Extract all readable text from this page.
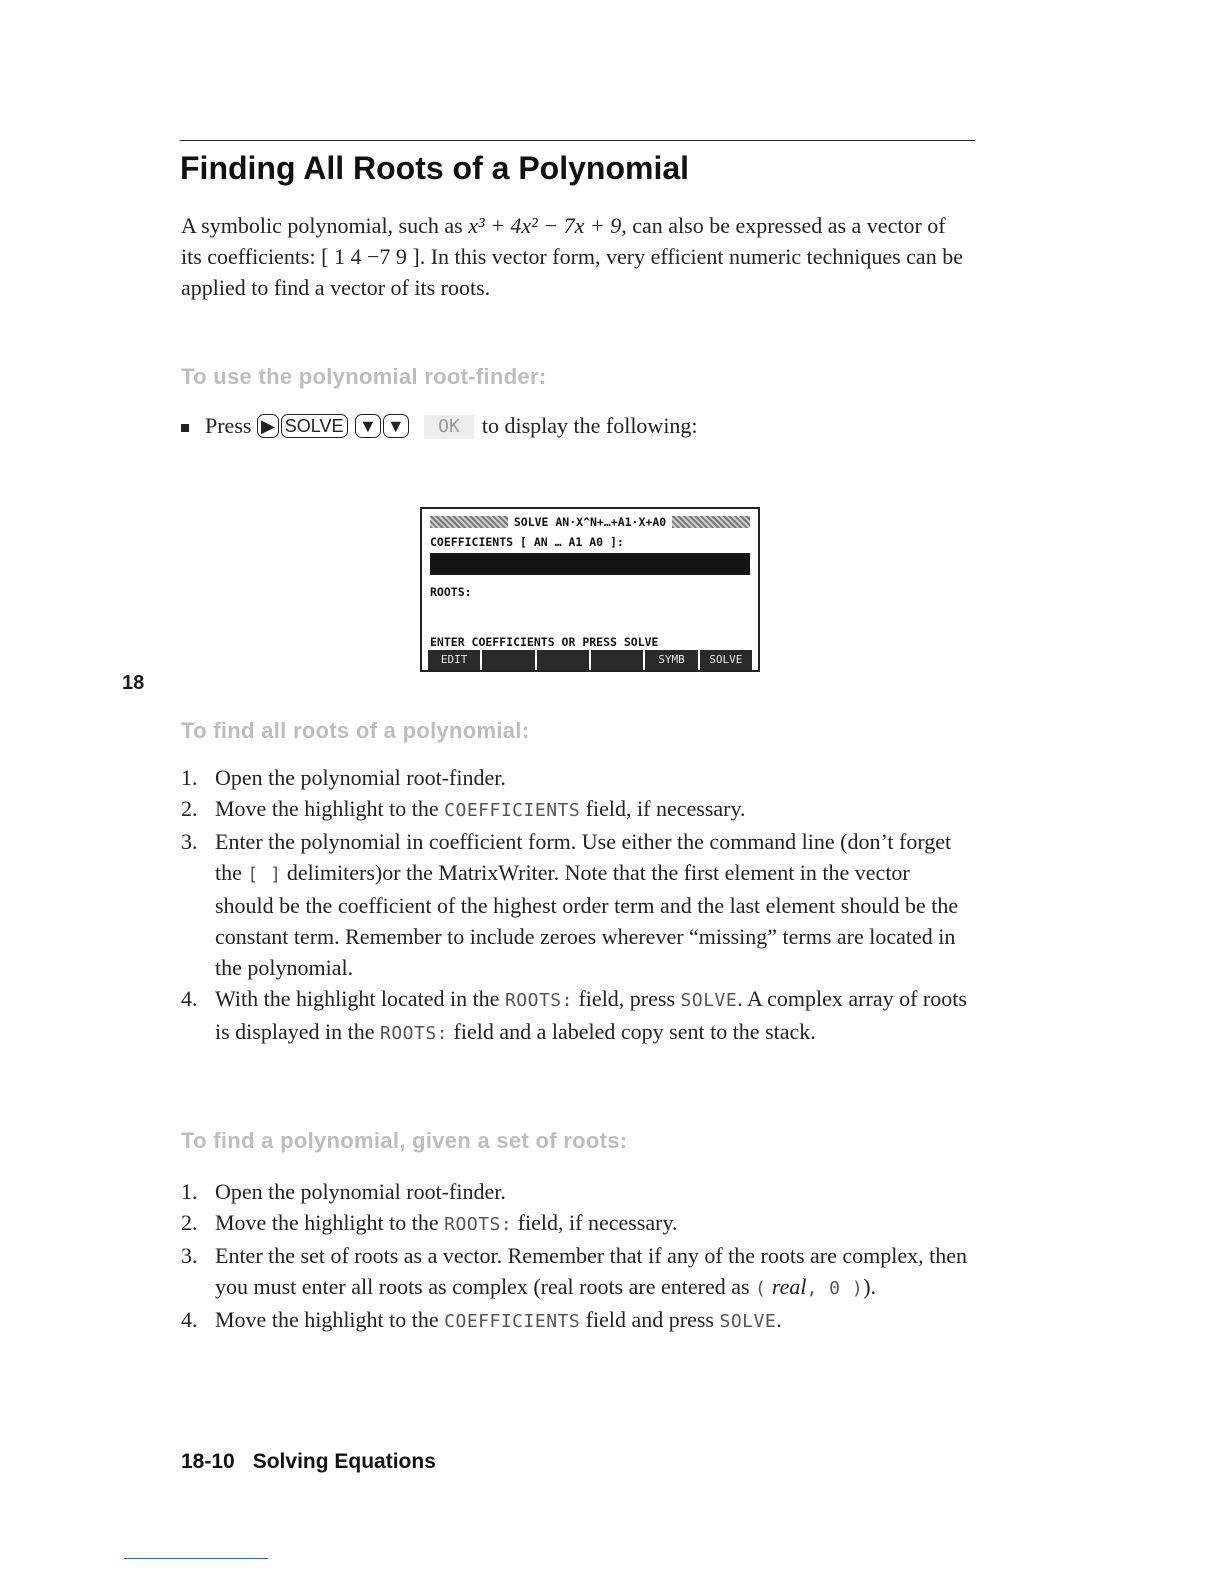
Finding All Roots of a Polynomial

A symbolic polynomial, such as x³ + 4x² − 7x + 9, can also be expressed as a vector of its coefficients: [ 1 4 −7 9 ]. In this vector form, very efficient numeric techniques can be applied to find a vector of its roots.

To use the polynomial root-finder:
Press ▶ SOLVE ▼ ▼ OK to display the following:
SOLVE AN·X^N+…+A1·X+A0
COEFFICIENTS [ AN … A1 A0 ]:
ROOTS:
ENTER COEFFICIENTS OR PRESS SOLVE
EDIT	SYMB	SOLVE
18
To find all roots of a polynomial:
1. Open the polynomial root-finder.
2. Move the highlight to the COEFFICIENTS field, if necessary.
3. Enter the polynomial in coefficient form. Use either the command line (don’t forget the [ ] delimiters)or the MatrixWriter. Note that the first element in the vector should be the coefficient of the highest order term and the last element should be the constant term. Remember to include zeroes wherever “missing” terms are located in the polynomial.
4. With the highlight located in the ROOTS: field, press SOLVE. A complex array of roots is displayed in the ROOTS: field and a labeled copy sent to the stack.
To find a polynomial, given a set of roots:
1. Open the polynomial root-finder.
2. Move the highlight to the ROOTS: field, if necessary.
3. Enter the set of roots as a vector. Remember that if any of the roots are complex, then you must enter all roots as complex (real roots are entered as ( real, 0 )).
4. Move the highlight to the COEFFICIENTS field and press SOLVE.
18-10 Solving Equations
